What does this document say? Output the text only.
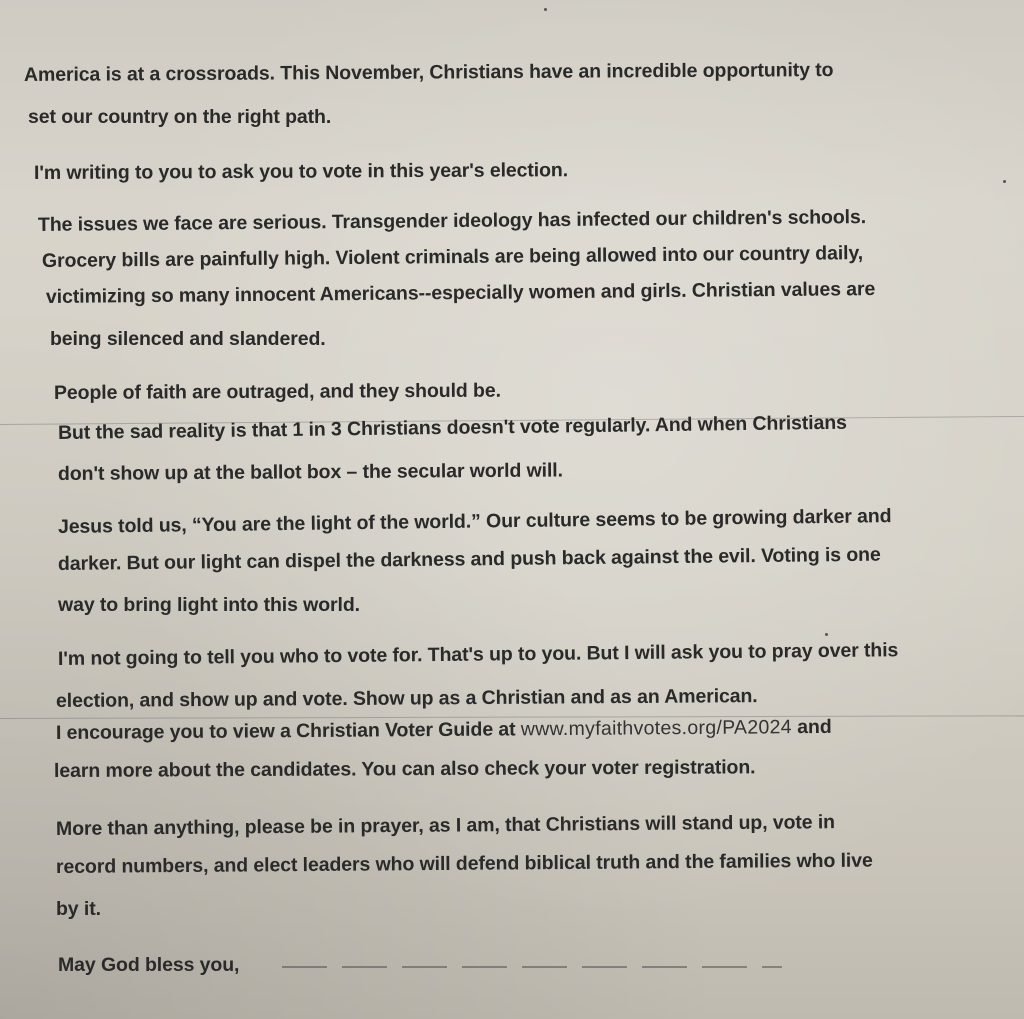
America is at a crossroads. This November, Christians have an incredible opportunity to
set our country on the right path.
I'm writing to you to ask you to vote in this year's election.
The issues we face are serious. Transgender ideology has infected our children's schools.
Grocery bills are painfully high. Violent criminals are being allowed into our country daily,
victimizing so many innocent Americans--especially women and girls. Christian values are
being silenced and slandered.
People of faith are outraged, and they should be.
But the sad reality is that 1 in 3 Christians doesn't vote regularly. And when Christians
don't show up at the ballot box – the secular world will.
Jesus told us, “You are the light of the world.” Our culture seems to be growing darker and
darker. But our light can dispel the darkness and push back against the evil. Voting is one
way to bring light into this world.
I'm not going to tell you who to vote for. That's up to you. But I will ask you to pray over this
election, and show up and vote. Show up as a Christian and as an American.
I encourage you to view a Christian Voter Guide at www.myfaithvotes.org/PA2024 and
learn more about the candidates. You can also check your voter registration.
More than anything, please be in prayer, as I am, that Christians will stand up, vote in
record numbers, and elect leaders who will defend biblical truth and the families who live
by it.
May God bless you,
